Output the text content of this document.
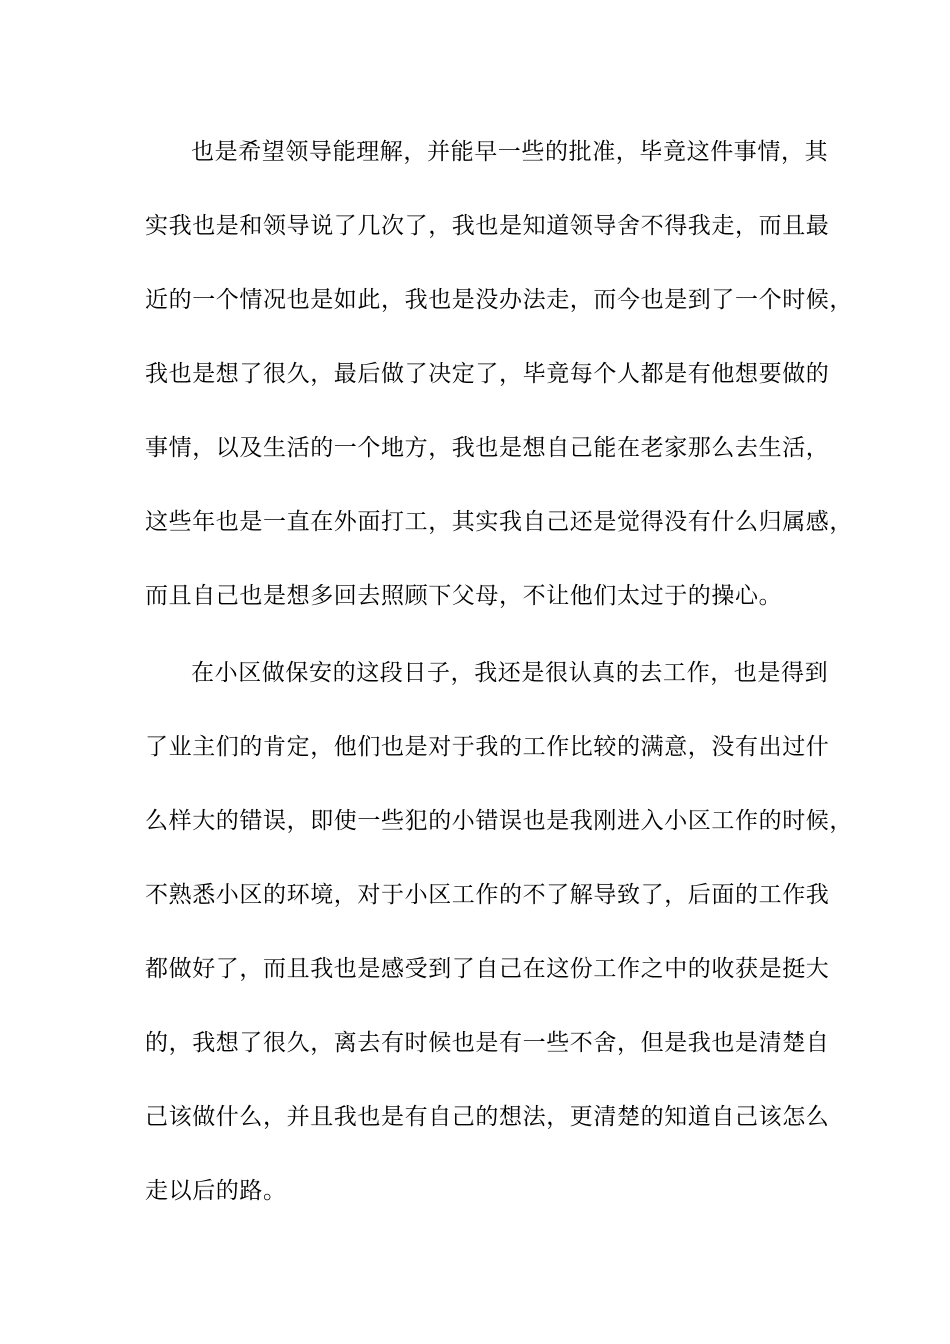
也是希望领导能理解，并能早一些的批准，毕竟这件事情，其
实我也是和领导说了几次了，我也是知道领导舍不得我走，而且最
近的一个情况也是如此，我也是没办法走，而今也是到了一个时候，
我也是想了很久，最后做了决定了，毕竟每个人都是有他想要做的
事情，以及生活的一个地方，我也是想自己能在老家那么去生活，
这些年也是一直在外面打工，其实我自己还是觉得没有什么归属感，
而且自己也是想多回去照顾下父母，不让他们太过于的操心。
在小区做保安的这段日子，我还是很认真的去工作，也是得到
了业主们的肯定，他们也是对于我的工作比较的满意，没有出过什
么样大的错误，即使一些犯的小错误也是我刚进入小区工作的时候，
不熟悉小区的环境，对于小区工作的不了解导致了，后面的工作我
都做好了，而且我也是感受到了自己在这份工作之中的收获是挺大
的，我想了很久，离去有时候也是有一些不舍，但是我也是清楚自
己该做什么，并且我也是有自己的想法，更清楚的知道自己该怎么
走以后的路。
